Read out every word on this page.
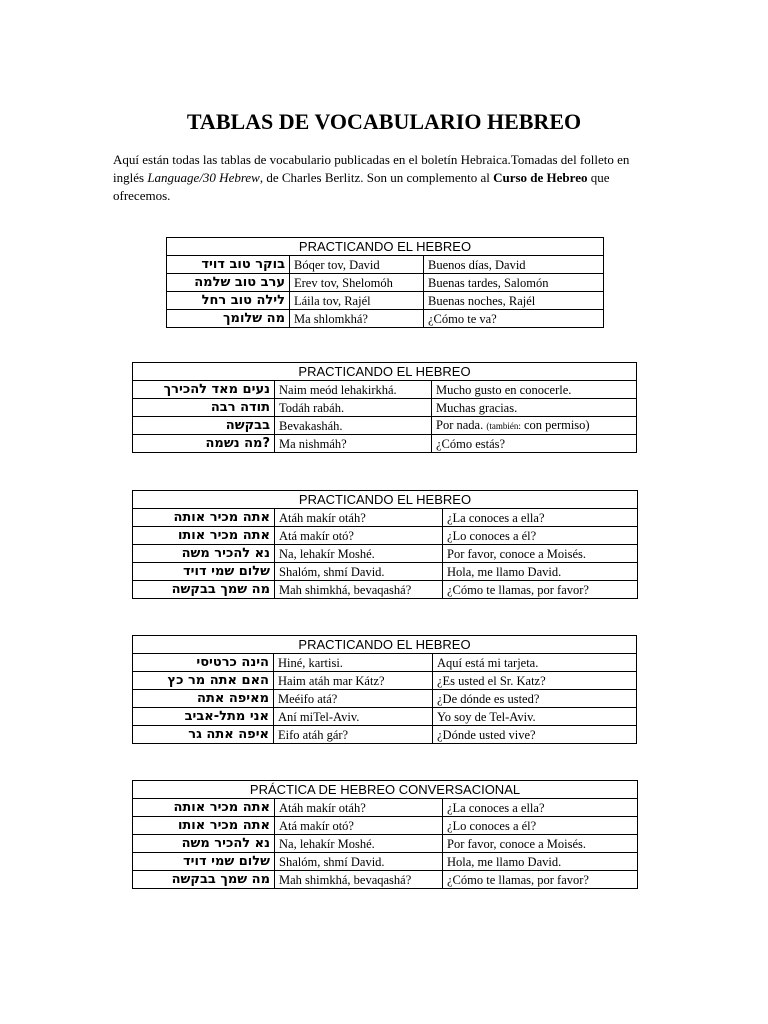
TABLAS DE VOCABULARIO HEBREO
Aquí están todas las tablas de vocabulario publicadas en el boletín Hebraica.Tomadas del folleto en inglés Language/30 Hebrew, de Charles Berlitz. Son un complemento al Curso de Hebreo que ofrecemos.
PRACTICANDO EL HEBREO		
בוקר טוב דויד	Bóqer tov, David	Buenos días, David
ערב טוב שלמה	Erev tov, Shelomóh	Buenas tardes, Salomón
לילה טוב רחל	Láila tov, Rajél	Buenas noches, Rajél
מה שלומך	Ma shlomkhá?	¿Cómo te va?
PRACTICANDO EL HEBREO		
נעים מאד להכירך	Naim meód lehakirkhá.	Mucho gusto en conocerle.
תודה רבה	Todáh rabáh.	Muchas gracias.
בבקשה	Bevakasháh.	Por nada. (también: con permiso)
?מה נשמה	Ma nishmáh?	¿Cómo estás?
PRACTICANDO EL HEBREO		
אתה מכיר אותה	Atáh makír otáh?	¿La conoces a ella?
אתה מכיר אותו	Atá makír otó?	¿Lo conoces a él?
נא להכיר משה	Na, lehakír Moshé.	Por favor, conoce a Moisés.
שלום שמי דויד	Shalóm, shmí David.	Hola, me llamo David.
מה שמך בבקשה	Mah shimkhá, bevaqashá?	¿Cómo te llamas, por favor?
PRACTICANDO EL HEBREO		
הינה כרטיסי	Hiné, kartisi.	Aquí está mi tarjeta.
האם אתה מר כץ	Haim atáh mar Kátz?	¿Es usted el Sr. Katz?
מאיפה אתה	Meéifo atá?	¿De dónde es usted?
אני מתל-אביב	Aní miTel-Aviv.	Yo soy de Tel-Aviv.
איפה אתה גר	Eifo atáh gár?	¿Dónde usted vive?
PRÁCTICA DE HEBREO CONVERSACIONAL		
אתה מכיר אותה	Atáh makír otáh?	¿La conoces a ella?
אתה מכיר אותו	Atá makír otó?	¿Lo conoces a él?
נא להכיר משה	Na, lehakír Moshé.	Por favor, conoce a Moisés.
שלום שמי דויד	Shalóm, shmí David.	Hola, me llamo David.
מה שמך בבקשה	Mah shimkhá, bevaqashá?	¿Cómo te llamas, por favor?
